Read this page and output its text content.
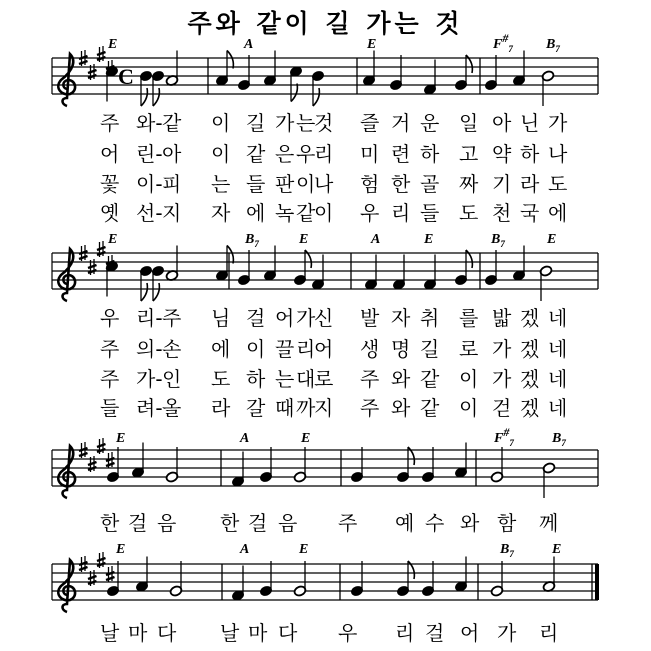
주와 같이 길 가는 것
C
E	A	E	$F\#_7$ $B_7$
E	$B_7$	E	A	E	$B_7$	E
E	A	E	$F\#_7$	$B_7$
E	A	E	$B_7$	E
주 와- 같 이 길 가 는
것 즐 거 운 일 아 닌 가
어 린- 아 이 같 은 우
리 미 련 하 고 약 하 나
꽃 이- 피 는 들 판 이
나 험 한 골 짜 기 라 도
옛 선- 지 자 에 녹 같
이 우 리 들 도 천 국 에
우 리- 주 님 걸 어 가
신 발 자 취 를 밟 겠 네
주 의- 손 에 이 끌 리
어 생 명 길 로 가 겠 네
주 가- 인 도 하 는 대
로 주 와 같 이 가 겠 네
들 려- 올 라 갈 때 까
지 주 와 같 이 걷 겠 네
한 걸 음 한 걸 음 주 예 수 와 함 께
날 마 다 날 마 다 우 리 걸 어 가 리
